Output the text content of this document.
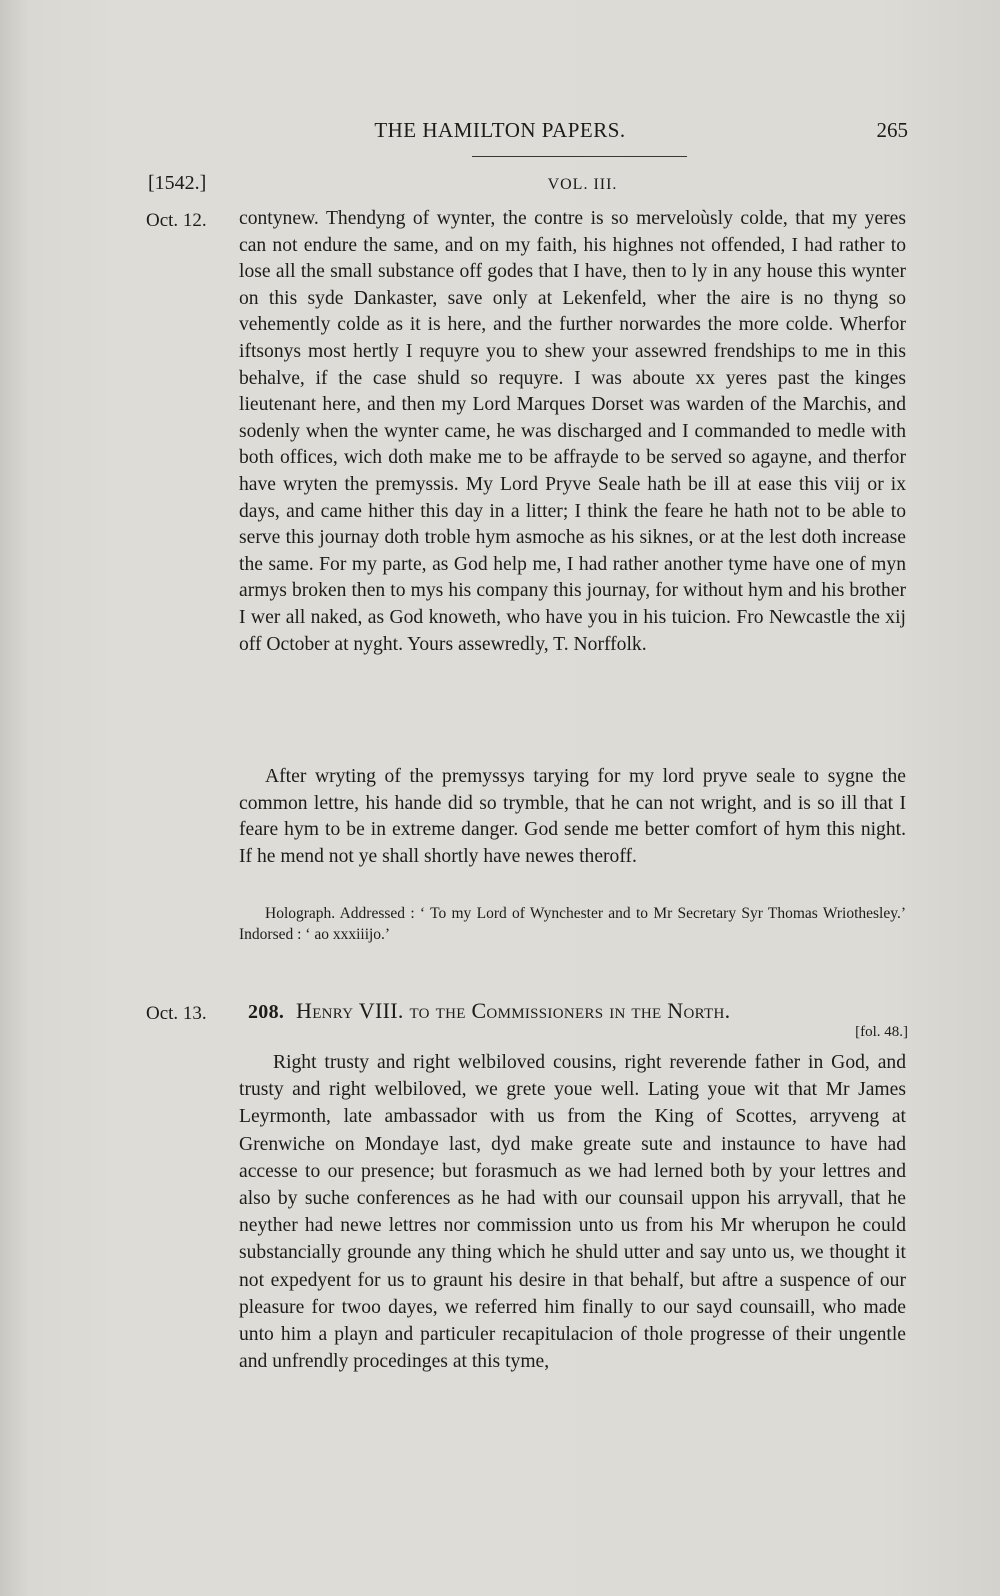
THE HAMILTON PAPERS.	265
[1542.]	VOL. III.
Oct. 12. contynew. Thendyng of wynter, the contre is so merveloùsly colde, that my yeres can not endure the same, and on my faith, his highnes not offended, I had rather to lose all the small substance off godes that I have, then to ly in any house this wynter on this syde Dankaster, save only at Lekenfeld, wher the aire is no thyng so vehemently colde as it is here, and the further norwardes the more colde. Wherfor iftsonys most hertly I requyre you to shew your assewred frendships to me in this behalve, if the case shuld so requyre. I was aboute xx yeres past the kinges lieutenant here, and then my Lord Marques Dorset was warden of the Marchis, and sodenly when the wynter came, he was discharged and I commanded to medle with both offices, wich doth make me to be affrayde to be served so agayne, and therfor have wryten the premyssis. My Lord Pryve Seale hath be ill at ease this viij or ix days, and came hither this day in a litter; I think the feare he hath not to be able to serve this journay doth troble hym asmoche as his siknes, or at the lest doth increase the same. For my parte, as God help me, I had rather another tyme have one of myn armys broken then to mys his company this journay, for without hym and his brother I wer all naked, as God knoweth, who have you in his tuicion. Fro Newcastle the xij off October at nyght. Yours assewredly, T. Norffolk.

After wryting of the premyssys tarying for my lord pryve seale to sygne the common lettre, his hande did so trymble, that he can not wright, and is so ill that I feare hym to be in extreme danger. God sende me better comfort of hym this night. If he mend not ye shall shortly have newes theroff.
Holograph. Addressed : ‘ To my Lord of Wynchester and to Mr Secretary Syr Thomas Wriothesley.’ Indorsed : ‘ ao xxxiiijo.’
Oct. 13. 208. Henry VIII. to the Commissioners in the North.
[fol. 48.]
Right trusty and right welbiloved cousins, right reverende father in God, and trusty and right welbiloved, we grete youe well. Lating youe wit that Mr James Leyrmonth, late ambassador with us from the King of Scottes, arryveng at Grenwiche on Mondaye last, dyd make greate sute and instaunce to have had accesse to our presence; but forasmuch as we had lerned both by your lettres and also by suche conferences as he had with our counsail uppon his arryvall, that he neyther had newe lettres nor commission unto us from his Mr wherupon he could substancially grounde any thing which he shuld utter and say unto us, we thought it not expedyent for us to graunt his desire in that behalf, but aftre a suspence of our pleasure for twoo dayes, we referred him finally to our sayd counsaill, who made unto him a playn and particuler recapitulacion of thole progresse of their ungentle and unfrendly procedinges at this tyme,
